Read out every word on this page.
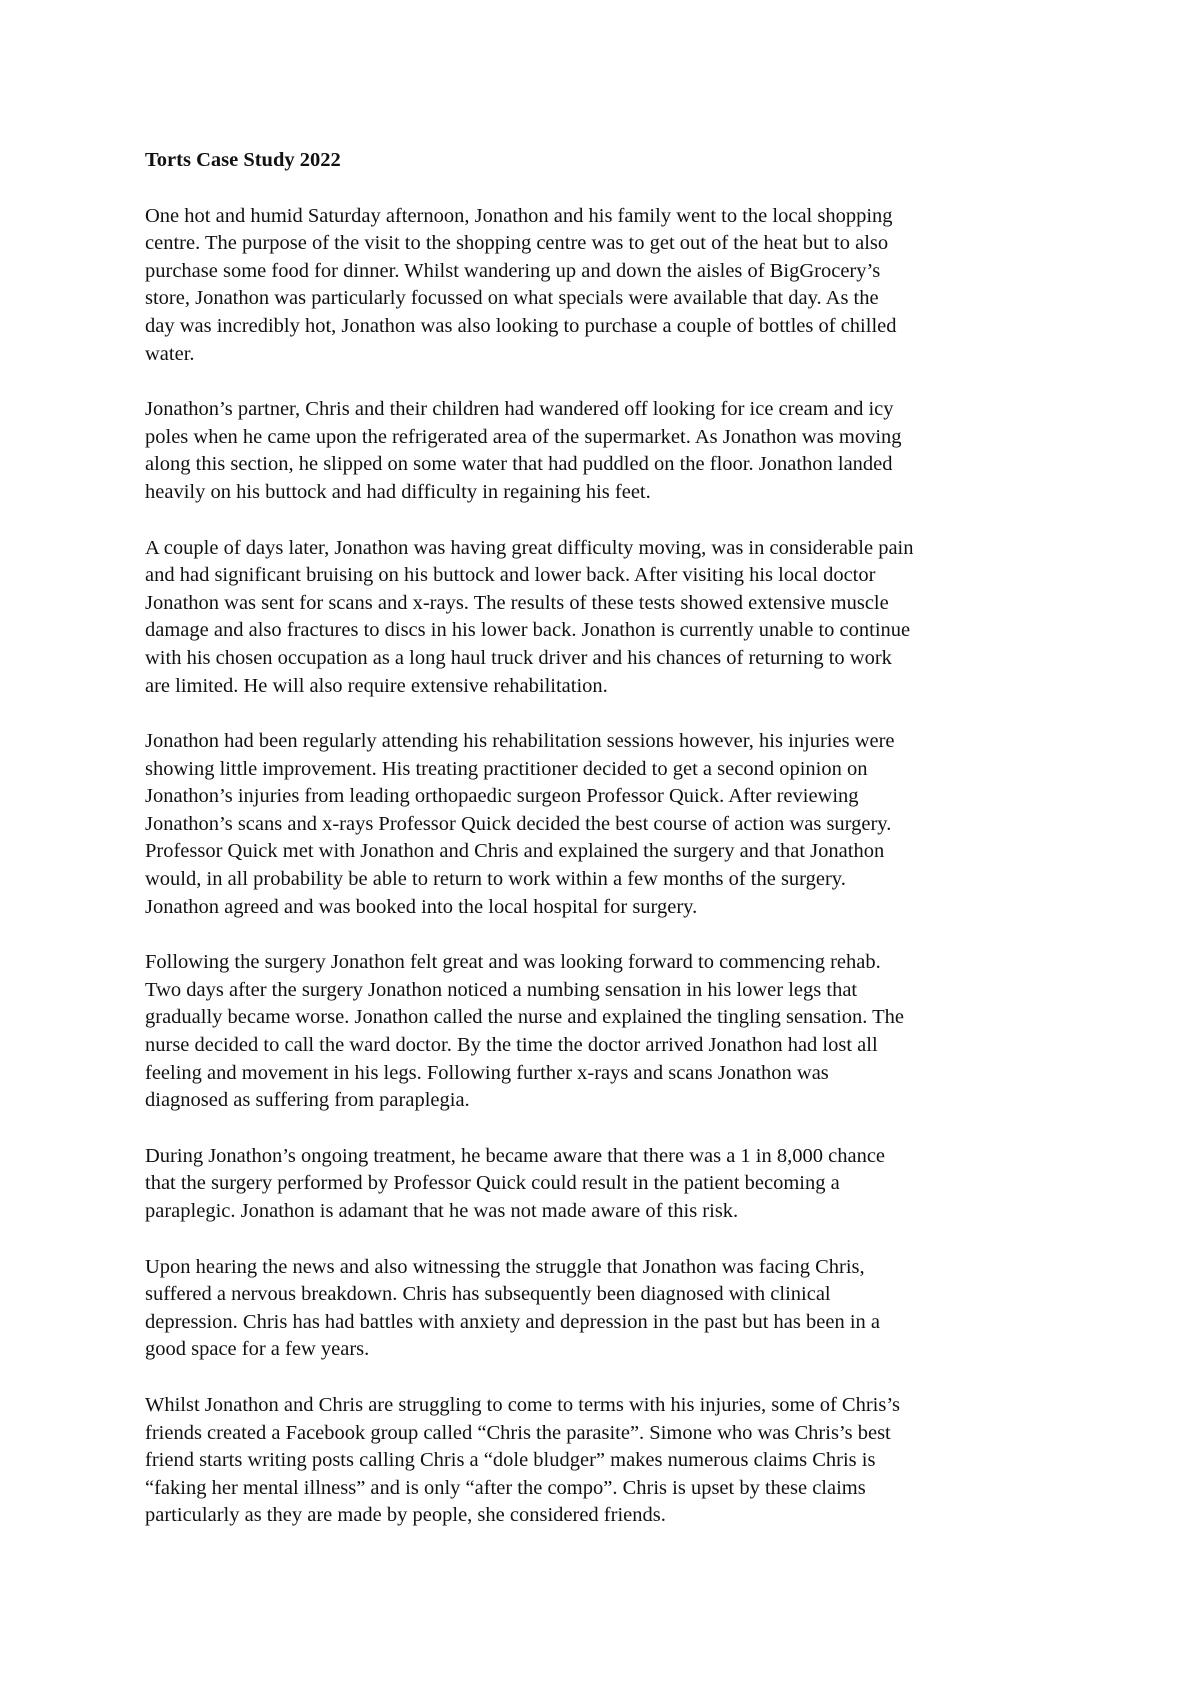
Torts Case Study 2022
One hot and humid Saturday afternoon, Jonathon and his family went to the local shopping
centre. The purpose of the visit to the shopping centre was to get out of the heat but to also
purchase some food for dinner. Whilst wandering up and down the aisles of BigGrocery’s
store, Jonathon was particularly focussed on what specials were available that day. As the
day was incredibly hot, Jonathon was also looking to purchase a couple of bottles of chilled
water.
Jonathon’s partner, Chris and their children had wandered off looking for ice cream and icy
poles when he came upon the refrigerated area of the supermarket. As Jonathon was moving
along this section, he slipped on some water that had puddled on the floor. Jonathon landed
heavily on his buttock and had difficulty in regaining his feet.
A couple of days later, Jonathon was having great difficulty moving, was in considerable pain
and had significant bruising on his buttock and lower back. After visiting his local doctor
Jonathon was sent for scans and x-rays. The results of these tests showed extensive muscle
damage and also fractures to discs in his lower back. Jonathon is currently unable to continue
with his chosen occupation as a long haul truck driver and his chances of returning to work
are limited. He will also require extensive rehabilitation.
Jonathon had been regularly attending his rehabilitation sessions however, his injuries were
showing little improvement. His treating practitioner decided to get a second opinion on
Jonathon’s injuries from leading orthopaedic surgeon Professor Quick. After reviewing
Jonathon’s scans and x-rays Professor Quick decided the best course of action was surgery.
Professor Quick met with Jonathon and Chris and explained the surgery and that Jonathon
would, in all probability be able to return to work within a few months of the surgery.
Jonathon agreed and was booked into the local hospital for surgery.
Following the surgery Jonathon felt great and was looking forward to commencing rehab.
Two days after the surgery Jonathon noticed a numbing sensation in his lower legs that
gradually became worse. Jonathon called the nurse and explained the tingling sensation. The
nurse decided to call the ward doctor. By the time the doctor arrived Jonathon had lost all
feeling and movement in his legs. Following further x-rays and scans Jonathon was
diagnosed as suffering from paraplegia.
During Jonathon’s ongoing treatment, he became aware that there was a 1 in 8,000 chance
that the surgery performed by Professor Quick could result in the patient becoming a
paraplegic. Jonathon is adamant that he was not made aware of this risk.
Upon hearing the news and also witnessing the struggle that Jonathon was facing Chris,
suffered a nervous breakdown. Chris has subsequently been diagnosed with clinical
depression. Chris has had battles with anxiety and depression in the past but has been in a
good space for a few years.
Whilst Jonathon and Chris are struggling to come to terms with his injuries, some of Chris’s
friends created a Facebook group called “Chris the parasite”. Simone who was Chris’s best
friend starts writing posts calling Chris a “dole bludger” makes numerous claims Chris is
“faking her mental illness” and is only “after the compo”. Chris is upset by these claims
particularly as they are made by people, she considered friends.
